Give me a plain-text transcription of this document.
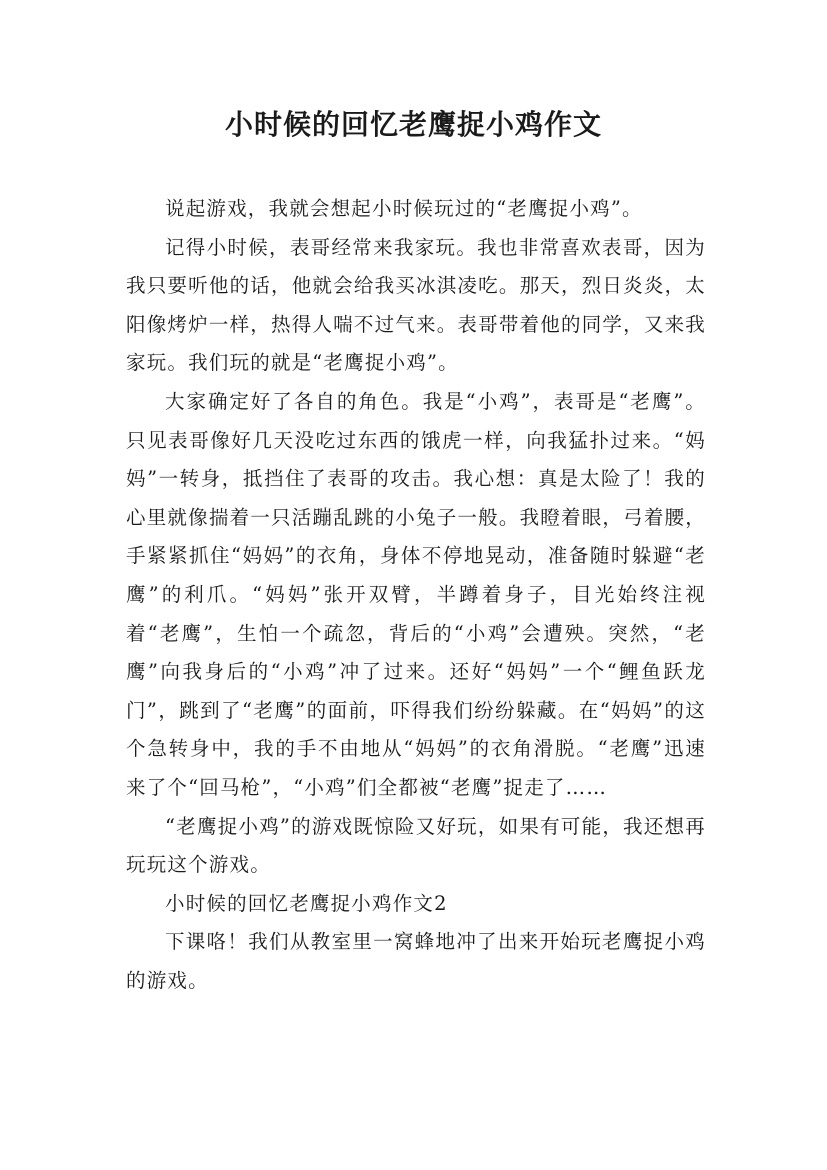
小时候的回忆老鹰捉小鸡作文

说起游戏，我就会想起小时候玩过的“老鹰捉小鸡”。

记得小时候，表哥经常来我家玩。我也非常喜欢表哥，因为我只要听他的话，他就会给我买冰淇凌吃。那天，烈日炎炎，太阳像烤炉一样，热得人喘不过气来。表哥带着他的同学，又来我家玩。我们玩的就是“老鹰捉小鸡”。

大家确定好了各自的角色。我是“小鸡”，表哥是“老鹰”。只见表哥像好几天没吃过东西的饿虎一样，向我猛扑过来。“妈妈”一转身，抵挡住了表哥的攻击。我心想：真是太险了！我的心里就像揣着一只活蹦乱跳的小兔子一般。我瞪着眼，弓着腰，手紧紧抓住“妈妈”的衣角，身体不停地晃动，准备随时躲避“老鹰”的利爪。“妈妈”张开双臂，半蹲着身子，目光始终注视着“老鹰”，生怕一个疏忽，背后的“小鸡”会遭殃。突然，“老鹰”向我身后的“小鸡”冲了过来。还好“妈妈”一个“鲤鱼跃龙门”，跳到了“老鹰”的面前，吓得我们纷纷躲藏。在“妈妈”的这个急转身中，我的手不由地从“妈妈”的衣角滑脱。“老鹰”迅速来了个“回马枪”，“小鸡”们全都被“老鹰”捉走了……

“老鹰捉小鸡”的游戏既惊险又好玩，如果有可能，我还想再玩玩这个游戏。

小时候的回忆老鹰捉小鸡作文2

下课咯！我们从教室里一窝蜂地冲了出来开始玩老鹰捉小鸡的游戏。
